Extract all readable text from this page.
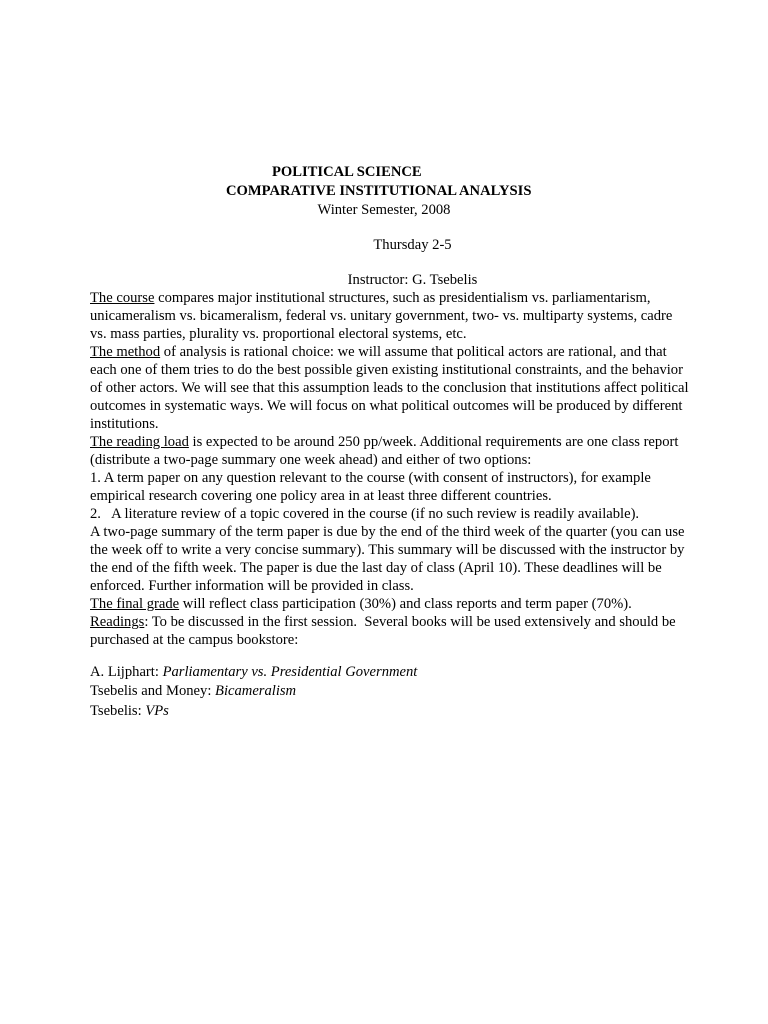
POLITICAL SCIENCE
COMPARATIVE INSTITUTIONAL ANALYSIS
Winter Semester, 2008
Thursday 2-5
Instructor: G. Tsebelis

The course compares major institutional structures, such as presidentialism vs. parliamentarism, unicameralism vs. bicameralism, federal vs. unitary government, two- vs. multiparty systems, cadre vs. mass parties, plurality vs. proportional electoral systems, etc.

The method of analysis is rational choice: we will assume that political actors are rational, and that each one of them tries to do the best possible given existing institutional constraints, and the behavior of other actors. We will see that this assumption leads to the conclusion that institutions affect political outcomes in systematic ways. We will focus on what political outcomes will be produced by different institutions.

The reading load is expected to be around 250 pp/week. Additional requirements are one class report (distribute a two-page summary one week ahead) and either of two options:

1. A term paper on any question relevant to the course (with consent of instructors), for example empirical research covering one policy area in at least three different countries.

2.   A literature review of a topic covered in the course (if no such review is readily available).

A two-page summary of the term paper is due by the end of the third week of the quarter (you can use the week off to write a very concise summary). This summary will be discussed with the instructor by the end of the fifth week. The paper is due the last day of class (April 10). These deadlines will be enforced. Further information will be provided in class.

The final grade will reflect class participation (30%) and class reports and term paper (70%).

Readings: To be discussed in the first session.  Several books will be used extensively and should be purchased at the campus bookstore:

A. Lijphart: Parliamentary vs. Presidential Government

Tsebelis and Money: Bicameralism

Tsebelis: VPs
